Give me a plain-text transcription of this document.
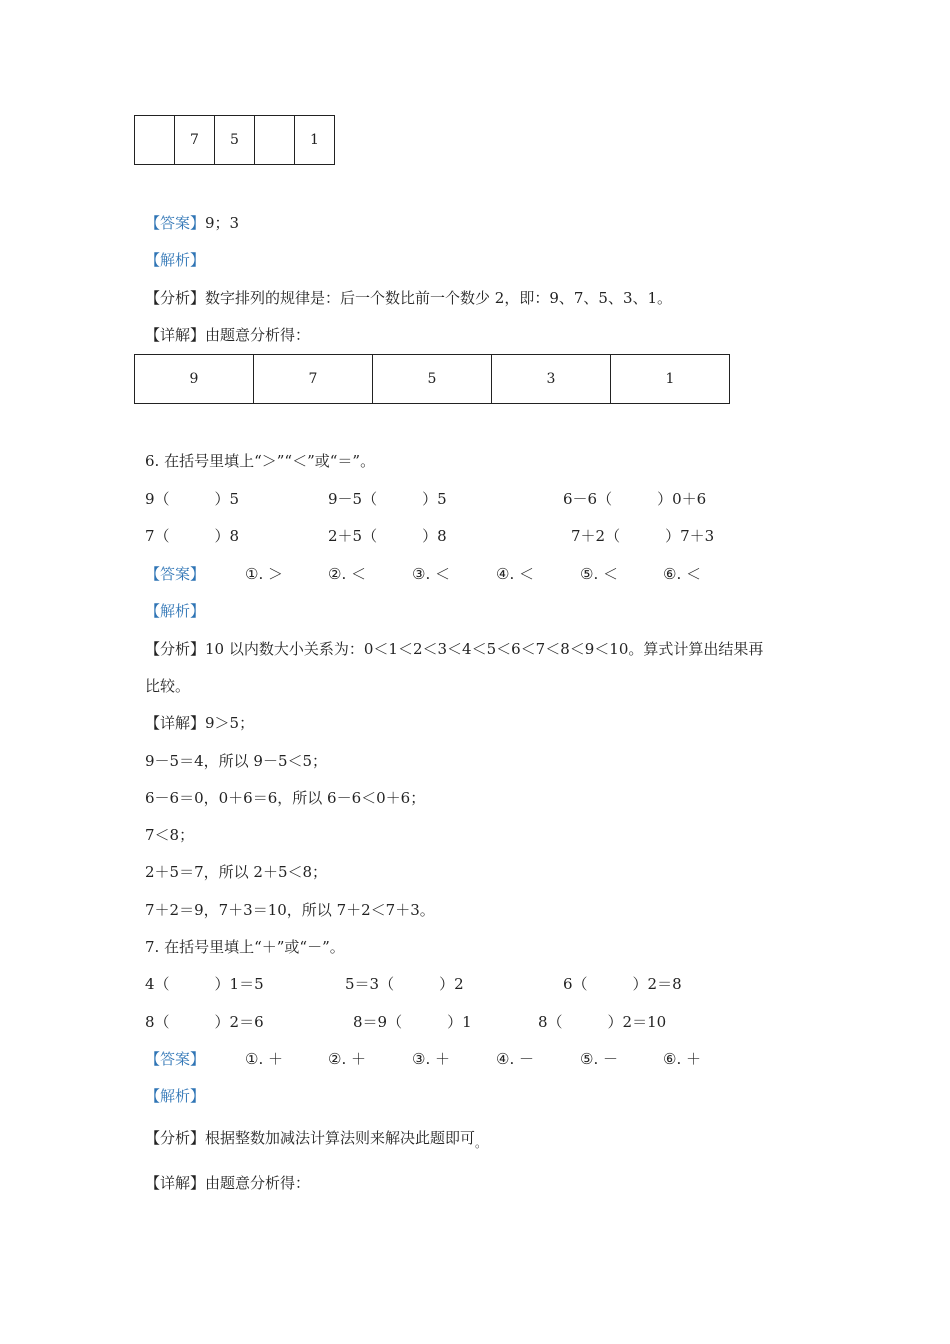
	7	5		1
【答案】9；3
【解析】
【分析】数字排列的规律是：后一个数比前一个数少 2，即：9、7、5、3、1。
【详解】由题意分析得：
9	7	5	3	1
6. 在括号里填上“＞”“＜”或“＝”。
9（　　　）5	9－5（　　　）5	6－6（　　　）0＋6
7（　　　）8	2＋5（　　　）8	7＋2（　　　）7＋3
【答案】	①. ＞	②. ＜	③. ＜	④. ＜	⑤. ＜	⑥. ＜
【解析】
【分析】10 以内数大小关系为：0＜1＜2＜3＜4＜5＜6＜7＜8＜9＜10。算式计算出结果再
比较。
【详解】9＞5；
9－5＝4，所以 9－5＜5；
6－6＝0，0＋6＝6，所以 6－6＜0＋6；
7＜8；
2＋5＝7，所以 2＋5＜8；
7＋2＝9，7＋3＝10，所以 7＋2＜7＋3。
7. 在括号里填上“＋”或“－”。
4（　　　）1＝5	5＝3（　　　）2	6（　　　）2＝8
8（　　　）2＝6	8＝9（　　　）1	8（　　　）2＝10
【答案】	①. ＋	②. ＋	③. ＋	④. －	⑤. －	⑥. ＋
【解析】
【分析】根据整数加减法计算法则来解决此题即可$_。$
【详解】由题意分析得：
